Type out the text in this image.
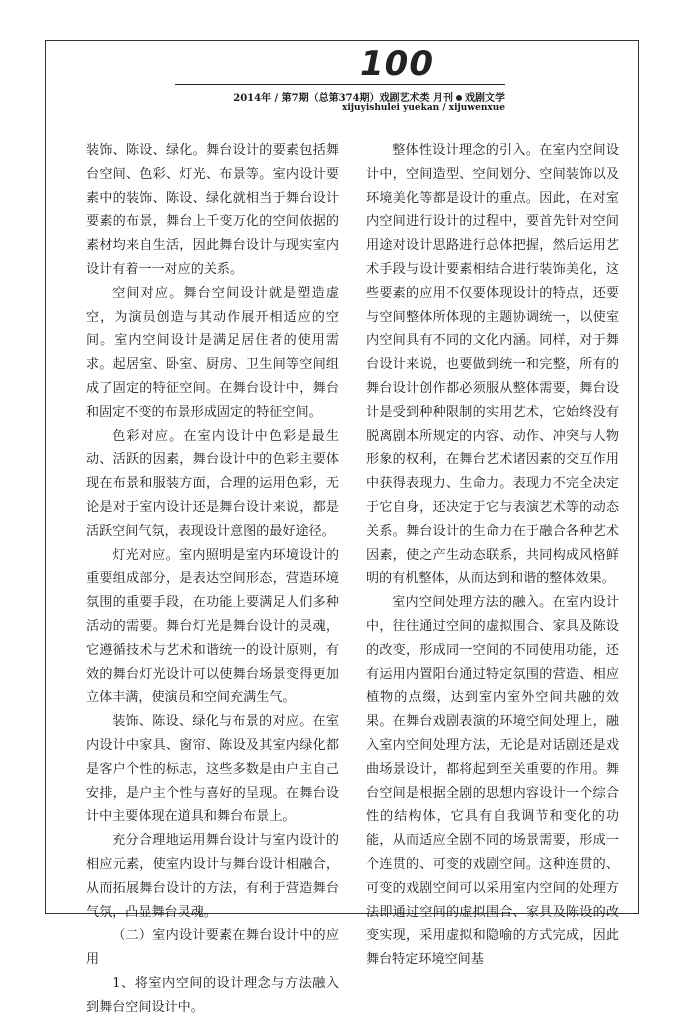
100
2014年 / 第7期（总第374期）戏剧艺术类 月刊 戏剧文学
xijuyishulei yuekan / xijuwenxue

装饰、陈设、绿化。舞台设计的要素包括舞台空间、色彩、灯光、布景等。室内设计要素中的装饰、陈设、绿化就相当于舞台设计要素的布景，舞台上千变万化的空间依据的素材均来自生活，因此舞台设计与现实室内设计有着一一对应的关系。

空间对应。舞台空间设计就是塑造虚空，为演员创造与其动作展开相适应的空间。室内空间设计是满足居住者的使用需求。起居室、卧室、厨房、卫生间等空间组成了固定的特征空间。在舞台设计中，舞台和固定不变的布景形成固定的特征空间。

色彩对应。在室内设计中色彩是最生动、活跃的因素，舞台设计中的色彩主要体现在布景和服装方面，合理的运用色彩，无论是对于室内设计还是舞台设计来说，都是活跃空间气氛，表现设计意图的最好途径。

灯光对应。室内照明是室内环境设计的重要组成部分，是表达空间形态，营造环境氛围的重要手段，在功能上要满足人们多种活动的需要。舞台灯光是舞台设计的灵魂，它遵循技术与艺术和谐统一的设计原则，有效的舞台灯光设计可以使舞台场景变得更加立体丰满，使演员和空间充满生气。

装饰、陈设、绿化与布景的对应。在室内设计中家具、窗帘、陈设及其室内绿化都是客户个性的标志，这些多数是由户主自己安排，是户主个性与喜好的呈现。在舞台设计中主要体现在道具和舞台布景上。

充分合理地运用舞台设计与室内设计的相应元素，使室内设计与舞台设计相融合，从而拓展舞台设计的方法，有利于营造舞台气氛，凸显舞台灵魂。

（二）室内设计要素在舞台设计中的应用

1、将室内空间的设计理念与方法融入到舞台空间设计中。

整体性设计理念的引入。在室内空间设计中，空间造型、空间划分、空间装饰以及环境美化等都是设计的重点。因此，在对室内空间进行设计的过程中，要首先针对空间用途对设计思路进行总体把握，然后运用艺术手段与设计要素相结合进行装饰美化，这些要素的应用不仅要体现设计的特点，还要与空间整体所体现的主题协调统一，以使室内空间具有不同的文化内涵。同样，对于舞台设计来说，也要做到统一和完整，所有的舞台设计创作都必须服从整体需要，舞台设计是受到种种限制的实用艺术，它始终没有脱离剧本所规定的内容、动作、冲突与人物形象的权利，在舞台艺术诸因素的交互作用中获得表现力、生命力。表现力不完全决定于它自身，还决定于它与表演艺术等的动态关系。舞台设计的生命力在于融合各种艺术因素，使之产生动态联系，共同构成风格鲜明的有机整体，从而达到和谐的整体效果。

室内空间处理方法的融入。在室内设计中，往往通过空间的虚拟围合、家具及陈设的改变，形成同一空间的不同使用功能，还有运用内置阳台通过特定氛围的营造、相应植物的点缀，达到室内室外空间共融的效果。在舞台戏剧表演的环境空间处理上，融入室内空间处理方法，无论是对话剧还是戏曲场景设计，都将起到至关重要的作用。舞台空间是根据全剧的思想内容设计一个综合性的结构体，它具有自我调节和变化的功能，从而适应全剧不同的场景需要，形成一个连贯的、可变的戏剧空间。这种连贯的、可变的戏剧空间可以采用室内空间的处理方法即通过空间的虚拟围合、家具及陈设的改变实现，采用虚拟和隐喻的方式完成，因此舞台特定环境空间基
